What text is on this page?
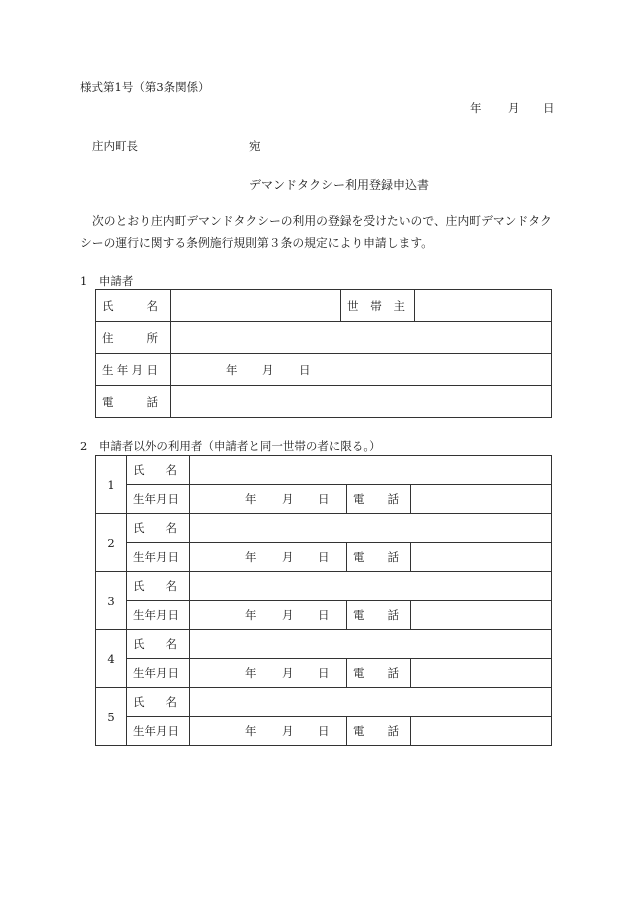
様式第1号（第3条関係）
年 月 日
庄内町長	宛
デマンドタクシー利用登録申込書
次のとおり庄内町デマンドタクシーの利用の登録を受けたいので、庄内町デマンドタク
シーの運行に関する条例施行規則第３条の規定により申請します。
1　申請者
氏 名		世 帯 主	

住 所			

生 年 月 日	年 月 日		

電 話			

2　申請者以外の利用者（申請者と同一世帯の者に限る。）
1	氏 名			

	生年月日	年 月 日	電 話	

2	氏 名			

	生年月日	年 月 日	電 話	

3	氏 名			

	生年月日	年 月 日	電 話	

4	氏 名			

	生年月日	年 月 日	電 話	

5	氏 名			

	生年月日	年 月 日	電 話	
